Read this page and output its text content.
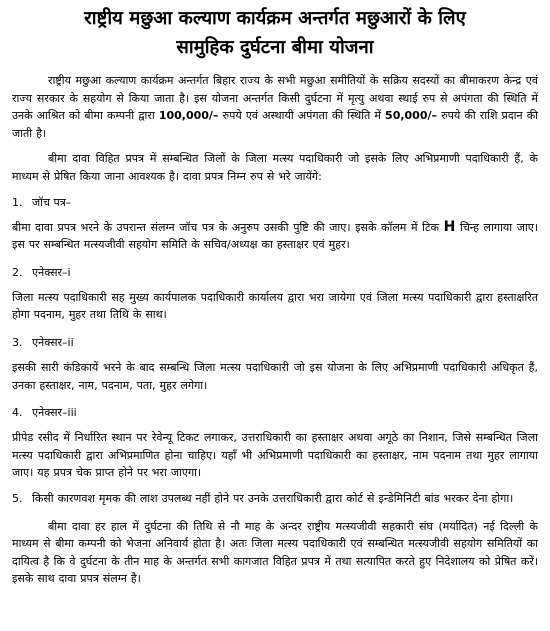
राष्ट्रीय मछुआ कल्याण कार्यक्रम अन्तर्गत मछुआरों के लिए
सामुहिक दुर्घटना बीमा योजना

राष्ट्रीय मछुआ कल्याण कार्यक्रम अन्तर्गत बिहार राज्य के सभी मछुआ समीतियों के सक्रिय सदस्यों का बीमाकरण केन्द्र एवं राज्य सरकार के सहयोग से किया जाता है। इस योजना अन्तर्गत किसी दुर्घटना में मृत्यु अथवा स्थाई रुप से अपंगता की स्थिति में उनके आश्रित को बीमा कम्पनी द्वारा 100,000/– रुपये एवं अस्थायी अपंगता की स्थिति में 50,000/– रुपये की राशि प्रदान की जाती है।

बीमा दावा विहित प्रपत्र में सम्बन्धित जिलों के जिला मत्स्य पदाधिकारी जो इसके लिए अभिप्रमाणी पदाधिकारी हैं, के माध्यम से प्रेषित किया जाना आवश्यक है। दावा प्रपत्र निम्न रुप से भरे जायेंगे:

1. जॉच पत्र–

बीमा दावा प्रपत्र भरने के उपरान्त संलग्न जॉच पत्र के अनुरुप उसकी पुष्टि की जाए। इसके कॉलम में टिक H चिन्ह लागाया जाए। इस पर सम्बन्धित मत्स्यजीवी सहयोग समिति के सचिव/अध्यक्ष का हस्ताक्षर एवं मुहर।

2. एनेक्सर–i

जिला मत्स्य पदाधिकारी सह मुख्य कार्यपालक पदाधिकारी कार्यालय द्वारा भरा जायेगा एवं जिला मत्स्य पदाधिकारी द्वारा हस्ताक्षरित होगा पदनाम, मुहर तथा तिथि के साथ।

3. एनेक्सर–ii

इसकी सारी कंडिकायें भरने के बाद सम्बन्धि जिला मत्स्य पदाधिकारी जो इस योजना के लिए अभिप्रमाणी पदाधिकारी अधिकृत हैं, उनका हस्ताक्षर, नाम, पदनाम, पता, मुहर लगेगा।

4. एनेक्सर–iii

प्रीपेड रसीद में निर्धारित स्थान पर रेवेन्यू टिकट लगाकर, उत्तराधिकारी का हस्ताक्षर अथवा अगूठे का निशान, जिसे सम्बन्धित जिला मत्स्य पदाधिकारी द्वारा अभिप्रमाणित होना चाहिए। यहाँ भी अभिप्रमाणी पदाधिकारी का हस्ताक्षर, नाम पदनाम तथा मुहर लागाया जाए। यह प्रपत्र चेक प्राप्त होने पर भरा जाएगा।

5. किसी कारणवश मृमक की लाश उपलब्ध नहीं होने पर उनके उत्तराधिकारी द्वारा कोर्ट से इन्डेमिनिटी बांड भरकर देना होगा।

बीमा दावा हर हाल में दुर्घटना की तिथि से नौ माह के अन्दर राष्ट्रीय मत्स्यजीवी सहकारी संघ (मर्यादित) नई दिल्ली के माध्यम से बीमा कम्पनी को भेजना अनिवार्य होता है। अतः जिला मत्स्य पदाधिकारी एवं सम्बन्धित मत्स्यजीवी सहयोग समितियों का दायित्व है कि वे दुर्घटना के तीन माह के अन्तर्गत सभी कागजात विहित प्रपत्र में तथा सत्यापित करते हुए निदेशालय को प्रेषित करें। इसके साथ दावा प्रपत्र संलग्न है।
